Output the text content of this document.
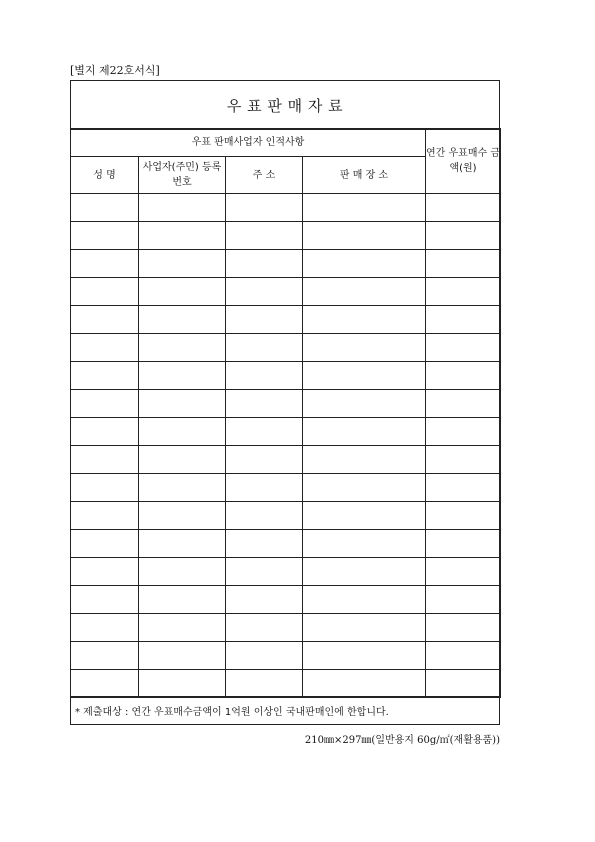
[별지 제22호서식]
우 표 판 매 자 료
우표 판매사업자 인적사항				연간 우표매수 금액(원)
성 명	사업자(주민) 등록번호	주 소	판 매 장 소	

* 제출대상 : 연간 우표매수금액이 1억원 이상인 국내판매인에 한합니다.
210㎜×297㎜(일반용지 60g/㎡(재활용품))
